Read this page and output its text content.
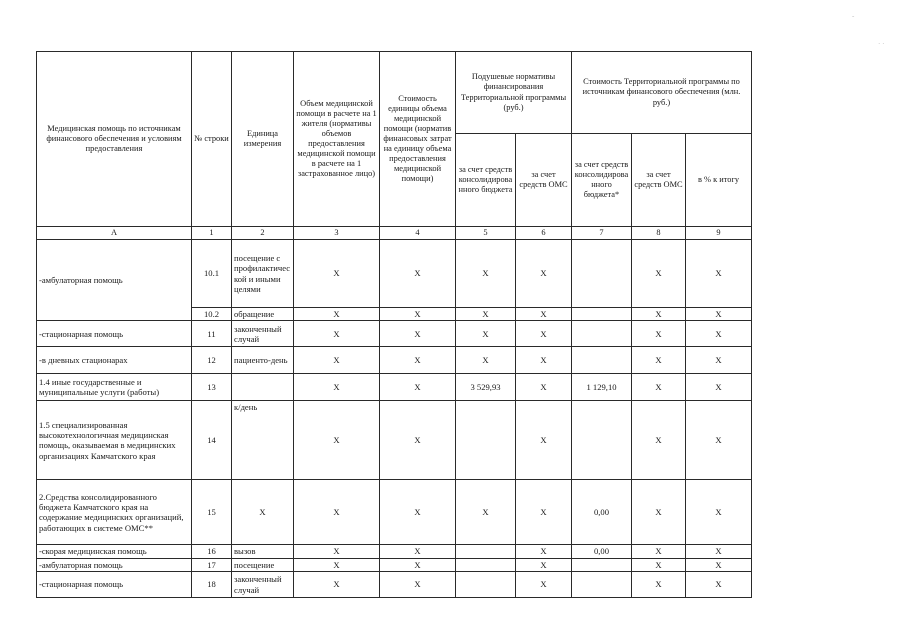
-
· ·
Медицинская помощь по источникам финансового обеспечения и условиям предоставления	№ строки	Единица измерения	Объем медицинской помощи в расчете на 1 жителя (нормативы объемов предоставления медицинской помощи в расчете на 1 застрахованное лицо)	Стоимость единицы объема медицинской помощи (норматив финансовых затрат на единицу объема предоставления медицинской помощи)	Подушевые нормативы финансирования Территориальной программы (руб.)		Стоимость Территориальной программы по источникам финансового обеспечения (млн. руб.)		
					за счет средств консолидированного бюджета	за счет средств ОМС	за счет средств консолидированного бюджета*	за счет средств ОМС	в % к итогу
А	1	2	3	4	5	6	7	8	9
-амбулаторная помощь	10.1	посещение с профилактической и иными целями	Х	Х	Х	Х		Х	Х
	10.2	обращение	Х	Х	Х	Х		Х	Х
-стационарная помощь	11	законченный случай	Х	Х	Х	Х		Х	Х
-в дневных стационарах	12	пациенто-день	Х	Х	Х	Х		Х	Х
1.4 иные государственные и муниципальные услуги (работы)	13		Х	Х	3 529,93	Х	1 129,10	Х	Х
1.5 специализированная высокотехнологичная медицинская помощь, оказываемая в медицинских организациях Камчатского края	14	к/день	Х	Х		Х		Х	Х
2.Средства консолидированного бюджета Камчатского края на содержание медицинских организаций, работающих в системе ОМС**	15	Х	Х	Х	Х	Х	0,00	Х	Х
-скорая медицинская помощь	16	вызов	Х	Х		Х	0,00	Х	Х
-амбулаторная помощь	17	посещение	Х	Х		Х		Х	Х
-стационарная помощь	18	законченный случай	Х	Х		Х		Х	Х
